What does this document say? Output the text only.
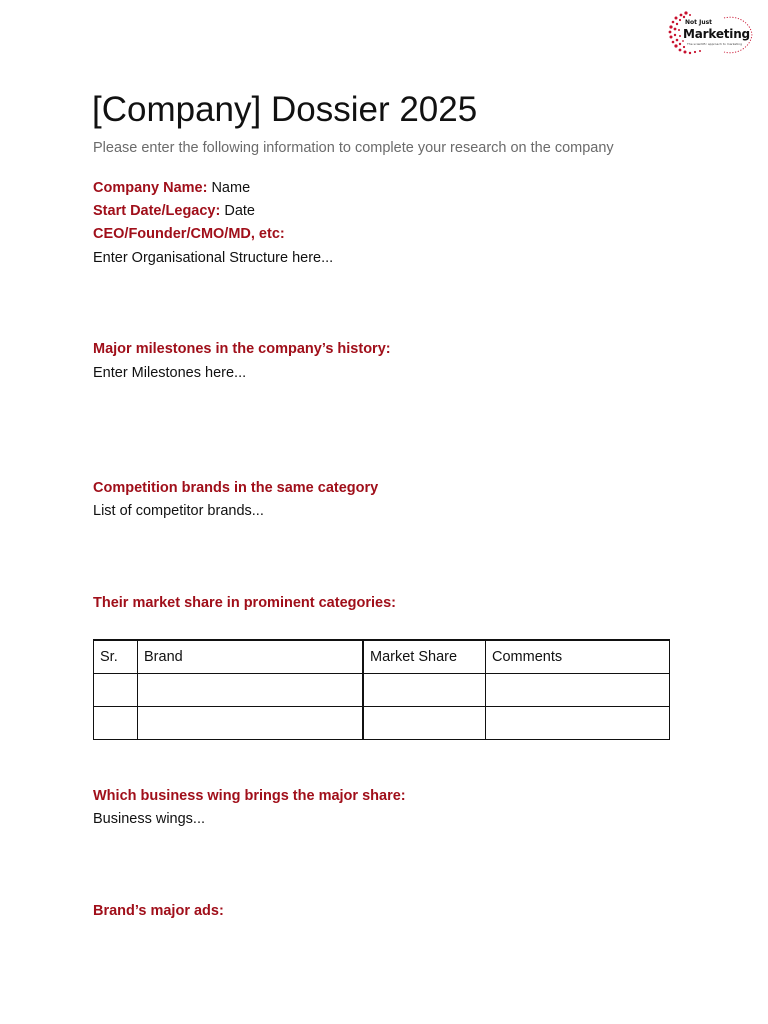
Not Just
Marketing
The scientific approach to marketing
[Company] Dossier 2025
Please enter the following information to complete your research on the company
Company Name: Name
Start Date/Legacy: Date
CEO/Founder/CMO/MD, etc:
Enter Organisational Structure here...
Major milestones in the company’s history:
Enter Milestones here...
Competition brands in the same category
List of competitor brands...
Their market share in prominent categories:
Sr.	Brand	Market Share	Comments

Which business wing brings the major share:
Business wings...
Brand’s major ads:
